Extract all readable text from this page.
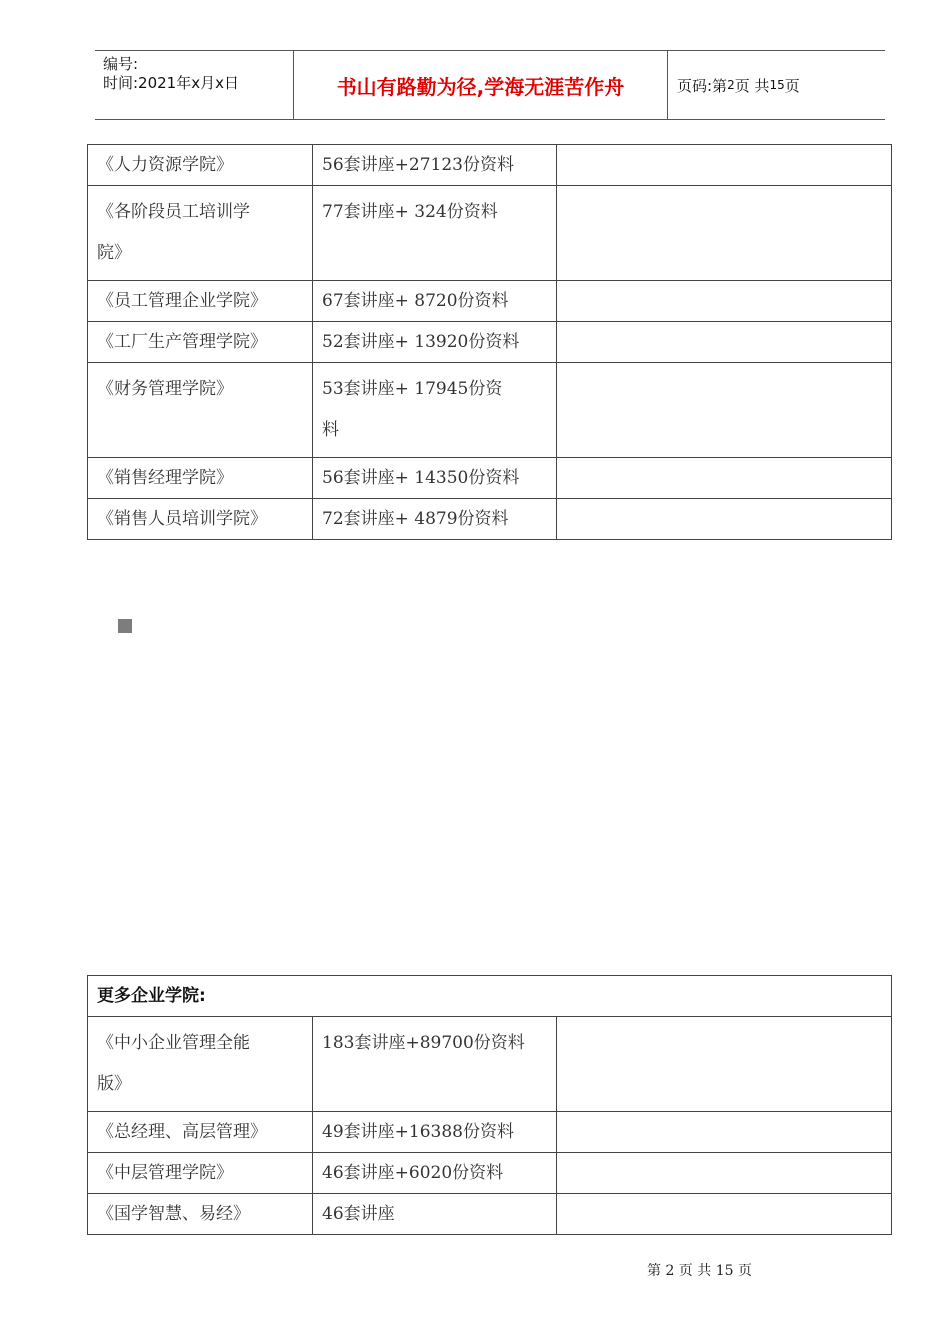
编号:
时间:2021年x月x日	书山有路勤为径,学海无涯苦作舟	页码:第 2 页 共 15 页
《人力资源学院》	56套讲座+27123份资料	

《各阶段员工培训学
院》	77套讲座+ 324份资料	
《员工管理企业学院》	67套讲座+ 8720份资料	
《工厂生产管理学院》	52套讲座+ 13920份资料	
《财务管理学院》	53套讲座+ 17945份资
料	

《销售经理学院》	56套讲座+ 14350份资料	
《销售人员培训学院》	72套讲座+ 4879份资料	
更多企业学院:		

《中小企业管理全能
版》	183套讲座+89700份资料	
《总经理、高层管理》	49套讲座+16388份资料	
《中层管理学院》	46套讲座+6020份资料	
《国学智慧、易经》	46套讲座	
第 2 页 共 15 页
